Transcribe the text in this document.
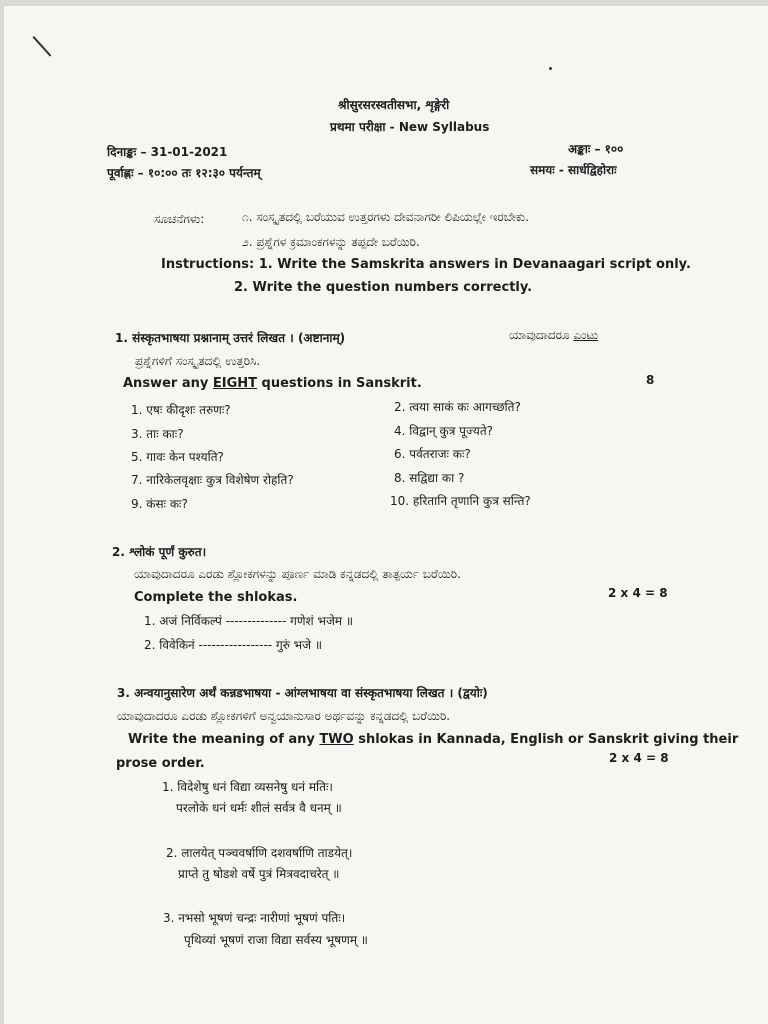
श्रीसुरसरस्वतीसभा, शृङ्गेरी
प्रथमा परीक्षा - New Syllabus
दिनाङ्कः – 31-01-2021	अङ्काः – १००
पूर्वाह्णः – १०:०० तः १२:३० पर्यन्तम्	समयः - सार्धद्विहोराः
ಸೂಚನೆಗಳು:	೧. ಸಂಸ್ಕೃತದಲ್ಲಿ ಬರೆಯುವ ಉತ್ತರಗಳು ದೇವನಾಗರೀ ಲಿಪಿಯಲ್ಲೇ ಇರಬೇಕು.
೨. ಪ್ರಶ್ನೆಗಳ ಕ್ರಮಾಂಕಗಳನ್ನು ತಪ್ಪದೇ ಬರೆಯಿರಿ.
Instructions: 1. Write the Samskrita answers in Devanaagari script only.
2. Write the question numbers correctly.
1. संस्कृतभाषया प्रश्नानाम् उत्तरं लिखत । (अष्टानाम्)	ಯಾವುದಾದರೂ ಎಂಟು
ಪ್ರಶ್ನೆಗಳಿಗೆ ಸಂಸ್ಕೃತದಲ್ಲಿ ಉತ್ತರಿಸಿ.
Answer any EIGHT questions in Sanskrit.	8
1. एषः कीदृशः तरुणः?	2. त्वया साकं कः आगच्छति?
3. ताः काः?	4. विद्वान् कुत्र पूज्यते?
5. गावः केन पश्यति?	6. पर्वतराजः कः?
7. नारिकेलवृक्षाः कुत्र विशेषेण रोहति?	8. सद्विद्या का ?
9. कंसः कः?	10. हरितानि तृणानि कुत्र सन्ति?
2. श्लोकं पूर्णं कुरुत।
ಯಾವುದಾದರೂ ಎರಡು ಶ್ಲೋಕಗಳನ್ನು ಪೂರ್ಣ ಮಾಡಿ ಕನ್ನಡದಲ್ಲಿ ತಾತ್ಪರ್ಯ ಬರೆಯಿರಿ.
Complete the shlokas.	2 x 4 = 8
1. अजं निर्विकल्पं -------------- गणेशं भजेम ॥
2. विवेकिनं ----------------- गुरुं भजे ॥
3. अन्वयानुसारेण अर्थं कन्नडभाषया - आंग्लभाषया वा संस्कृतभाषया लिखत । (द्वयोः)
ಯಾವುದಾದರೂ ಎರಡು ಶ್ಲೋಕಗಳಿಗೆ ಅನ್ವಯಾನುಸಾರ ಅರ್ಥವನ್ನು ಕನ್ನಡದಲ್ಲಿ ಬರೆಯಿರಿ.
Write the meaning of any TWO shlokas in Kannada, English or Sanskrit giving their
prose order.	2 x 4 = 8
1. विदेशेषु धनं विद्या व्यसनेषु धनं मतिः।
परलोके धनं धर्मः शीलं सर्वत्र वै धनम् ॥
2. लालयेत् पञ्चवर्षाणि दशवर्षाणि ताडयेत्।
प्राप्ते तु षोडशे वर्षे पुत्रं मित्रवदाचरेत् ॥
3. नभसो भूषणं चन्द्रः नारीणां भूषणं पतिः।
पृथिव्यां भूषणं राजा विद्या सर्वस्य भूषणम् ॥
